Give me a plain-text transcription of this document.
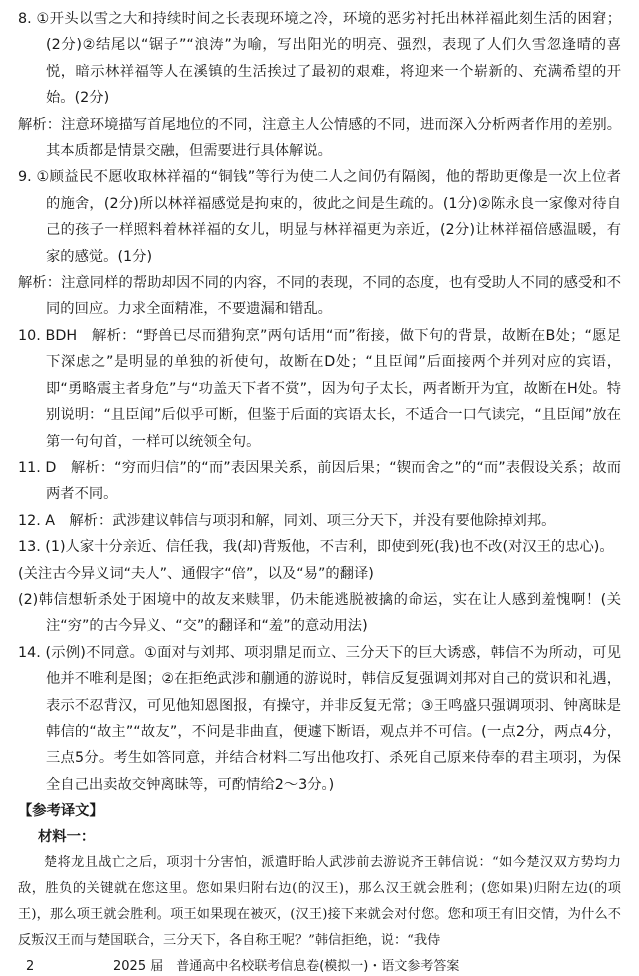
8. ①开头以雪之大和持续时间之长表现环境之冷，环境的恶劣衬托出林祥福此刻生活的困窘；(2分)②结尾以“锯子”“浪涛”为喻，写出阳光的明亮、强烈，表现了人们久雪忽逢晴的喜悦，暗示林祥福等人在溪镇的生活挨过了最初的艰难，将迎来一个崭新的、充满希望的开始。(2分)

解析：注意环境描写首尾地位的不同，注意主人公情感的不同，进而深入分析两者作用的差别。其本质都是情景交融，但需要进行具体解说。

9. ①顾益民不愿收取林祥福的“铜钱”等行为使二人之间仍有隔阂，他的帮助更像是一次上位者的施舍，(2分)所以林祥福感觉是拘束的，彼此之间是生疏的。(1分)②陈永良一家像对待自己的孩子一样照料着林祥福的女儿，明显与林祥福更为亲近，(2分)让林祥福倍感温暖，有家的感觉。(1分)

解析：注意同样的帮助却因不同的内容，不同的表现，不同的态度，也有受助人不同的感受和不同的回应。力求全面精准，不要遗漏和错乱。

10. BDH　解析：“野兽已尽而猎狗烹”两句话用“而”衔接，做下句的背景，故断在B处；“愿足下深虑之”是明显的单独的祈使句，故断在D处；“且臣闻”后面接两个并列对应的宾语，即“勇略震主者身危”与“功盖天下者不赏”，因为句子太长，两者断开为宜，故断在H处。特别说明：“且臣闻”后似乎可断，但鉴于后面的宾语太长，不适合一口气读完，“且臣闻”放在第一句句首，一样可以统领全句。

11. D　解析：“穷而归信”的“而”表因果关系，前因后果；“锲而舍之”的“而”表假设关系；故而两者不同。

12. A　解析：武涉建议韩信与项羽和解，同刘、项三分天下，并没有要他除掉刘邦。

13. (1)人家十分亲近、信任我，我(却)背叛他，不吉利，即使到死(我)也不改(对汉王的忠心)。

(关注古今异义词“夫人”、通假字“倍”，以及“易”的翻译)

(2)韩信想斩杀处于困境中的故友来赎罪，仍未能逃脱被擒的命运，实在让人感到羞愧啊！(关注“穷”的古今异义、“交”的翻译和“羞”的意动用法)

14. (示例)不同意。①面对与刘邦、项羽鼎足而立、三分天下的巨大诱惑，韩信不为所动，可见他并不唯利是图；②在拒绝武涉和蒯通的游说时，韩信反复强调刘邦对自己的赏识和礼遇，表示不忍背汉，可见他知恩图报，有操守，并非反复无常；③王鸣盛只强调项羽、钟离昧是韩信的“故主”“故友”，不问是非曲直，便遽下断语，观点并不可信。(一点2分，两点4分，三点5分。考生如答同意，并结合材料二写出他攻打、杀死自己原来侍奉的君主项羽，为保全自己出卖故交钟离昧等，可酌情给2～3分。)

【参考译文】

材料一：

楚将龙且战亡之后，项羽十分害怕，派遣盱眙人武涉前去游说齐王韩信说：“如今楚汉双方势均力敌，胜负的关键就在您这里。您如果归附右边(的汉王)，那么汉王就会胜利；(您如果)归附左边(的项王)，那么项王就会胜利。项王如果现在被灭，(汉王)接下来就会对付您。您和项王有旧交情，为什么不反叛汉王而与楚国联合，三分天下，各自称王呢？”韩信拒绝，说：“我侍

2	2025 届　普通高中名校联考信息卷(模拟一)・语文参考答案
